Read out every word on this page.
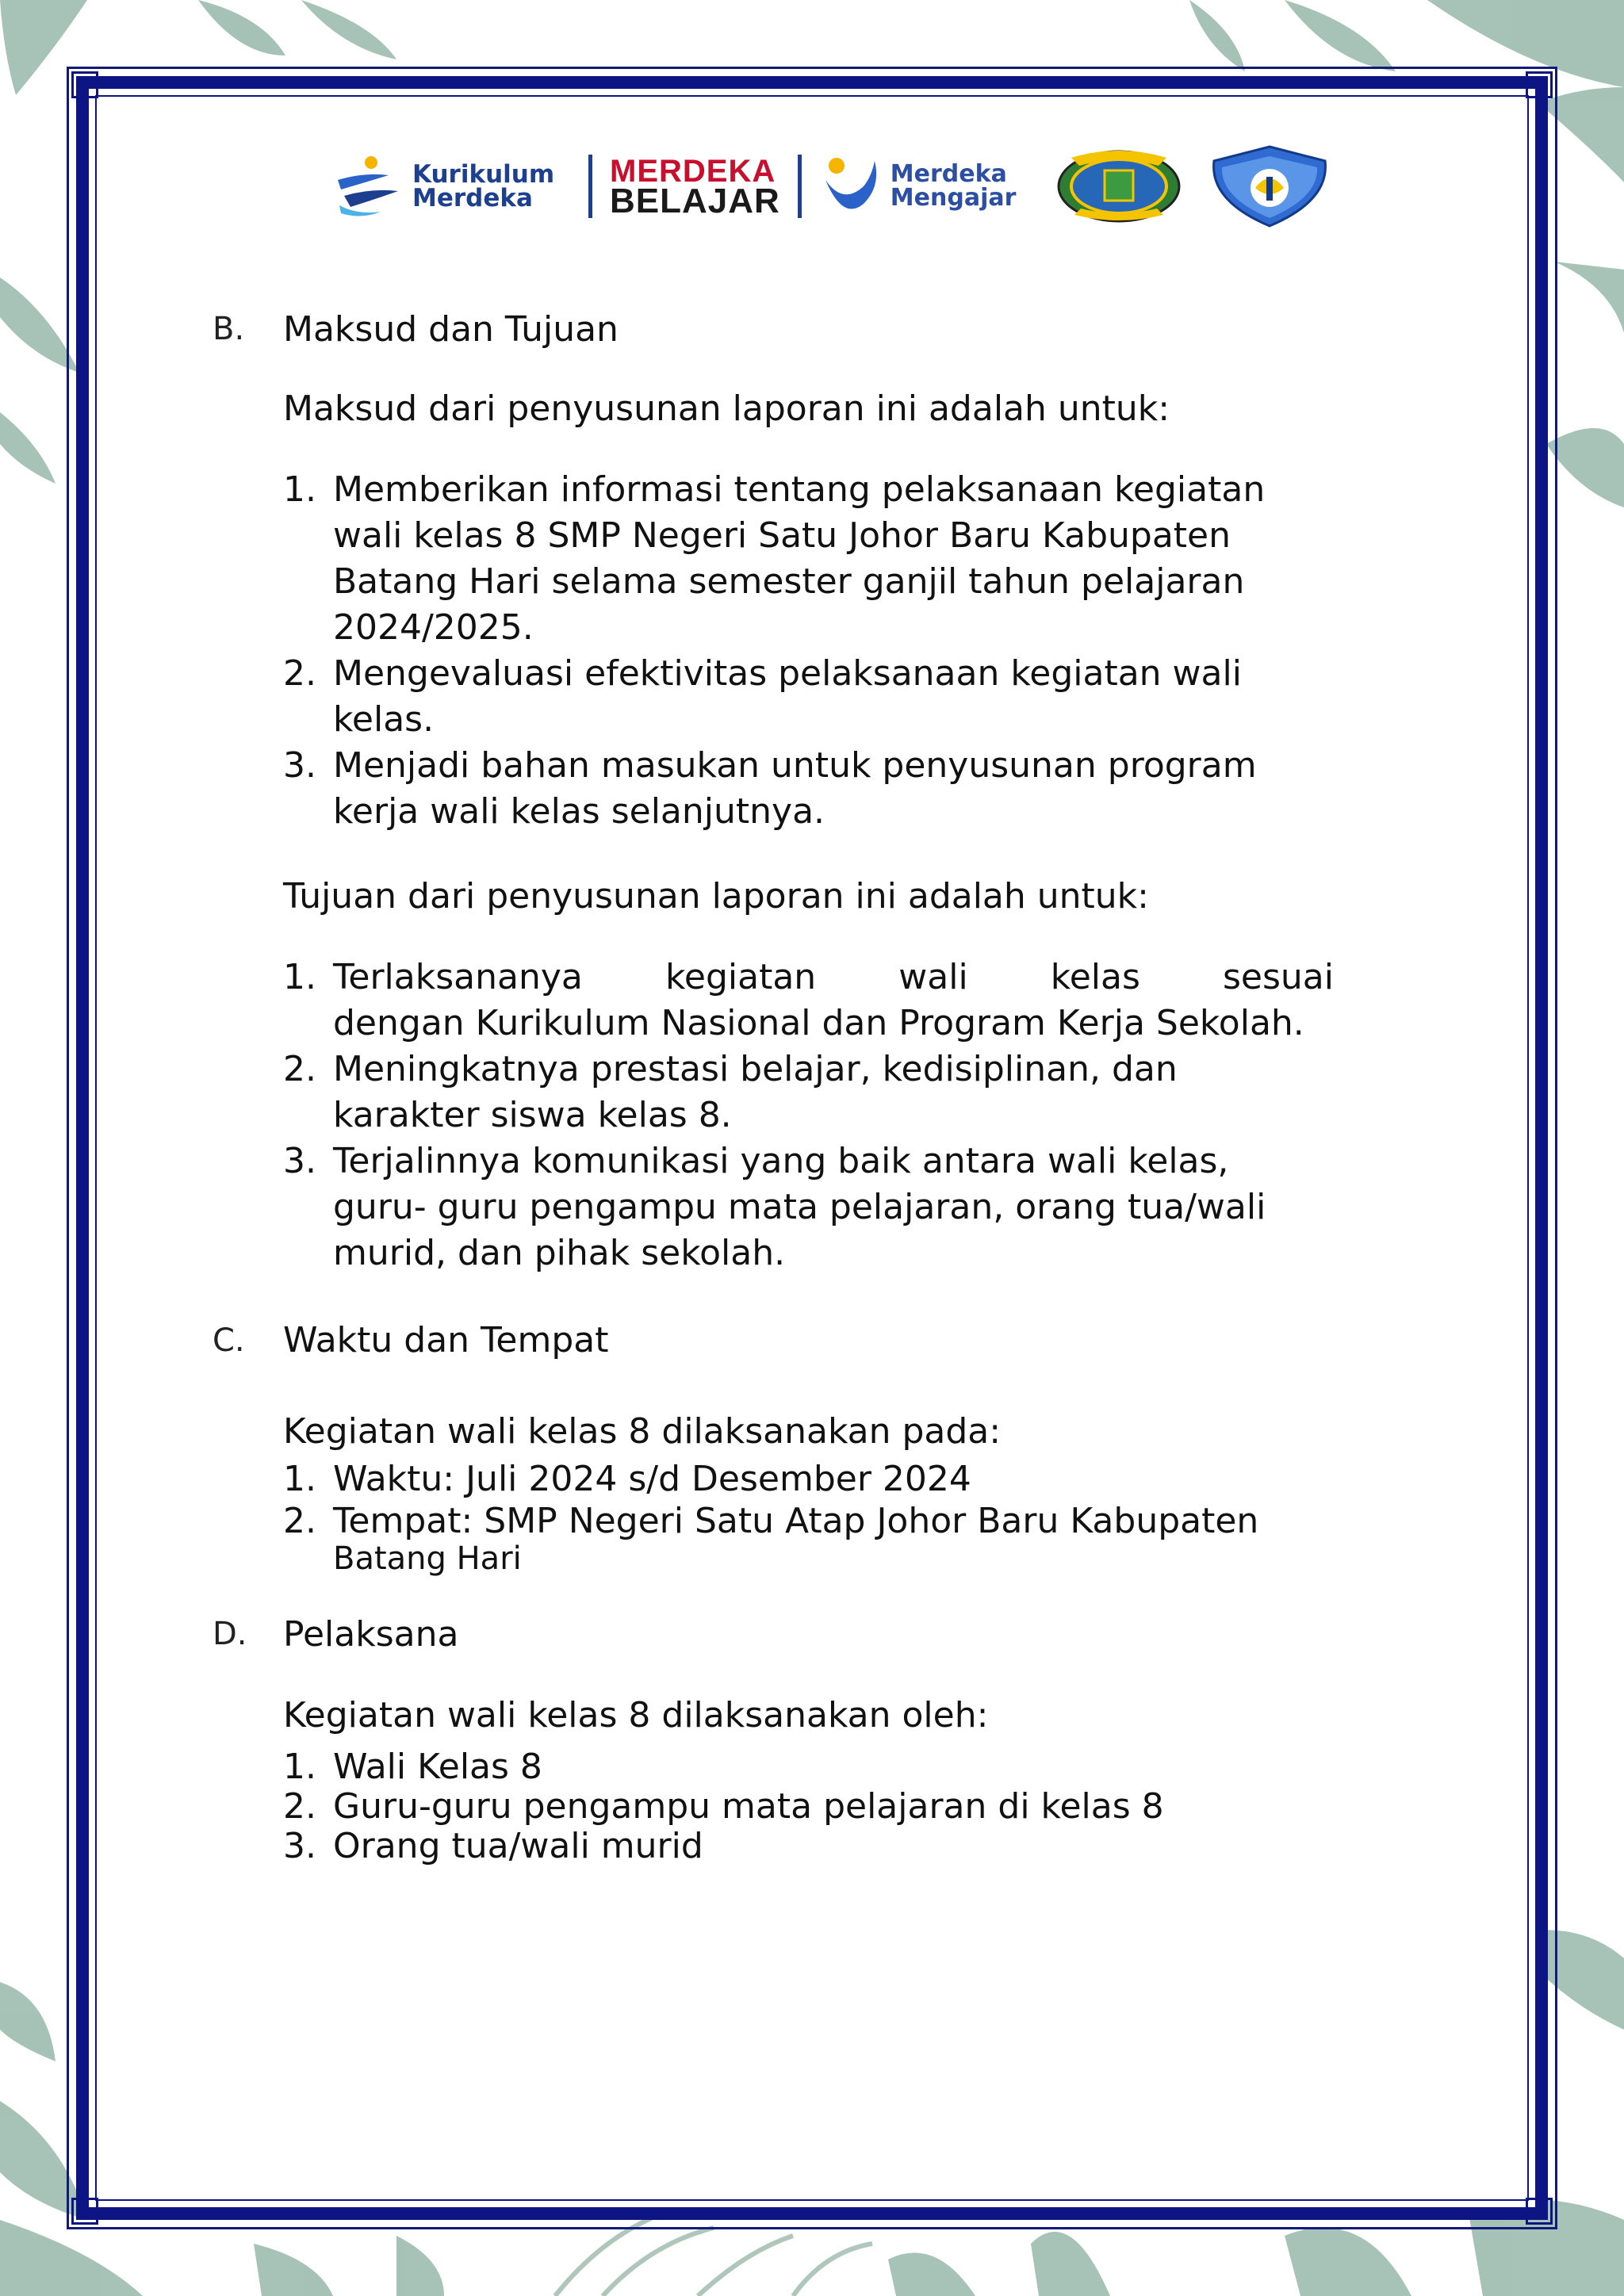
Kurikulum
Merdeka
MERDEKA
BELAJAR
Merdeka
Mengajar
B. Maksud dan Tujuan
Maksud dari penyusunan laporan ini adalah untuk:
1. Memberikan informasi tentang pelaksanaan kegiatan
wali kelas 8 SMP Negeri Satu Johor Baru Kabupaten
Batang Hari selama semester ganjil tahun pelajaran
2024/2025.
2. Mengevaluasi efektivitas pelaksanaan kegiatan wali
kelas.
3. Menjadi bahan masukan untuk penyusunan program
kerja wali kelas selanjutnya.
Tujuan dari penyusunan laporan ini adalah untuk:
1. Terlaksananya kegiatan wali kelas sesuai
dengan Kurikulum Nasional dan Program Kerja Sekolah.
2. Meningkatnya prestasi belajar, kedisiplinan, dan
karakter siswa kelas 8.
3. Terjalinnya komunikasi yang baik antara wali kelas,
guru- guru pengampu mata pelajaran, orang tua/wali
murid, dan pihak sekolah.
C. Waktu dan Tempat
Kegiatan wali kelas 8 dilaksanakan pada:
1. Waktu: Juli 2024 s/d Desember 2024
2. Tempat: SMP Negeri Satu Atap Johor Baru Kabupaten
Batang Hari
D. Pelaksana
Kegiatan wali kelas 8 dilaksanakan oleh:
1. Wali Kelas 8
2. Guru-guru pengampu mata pelajaran di kelas 8
3. Orang tua/wali murid
